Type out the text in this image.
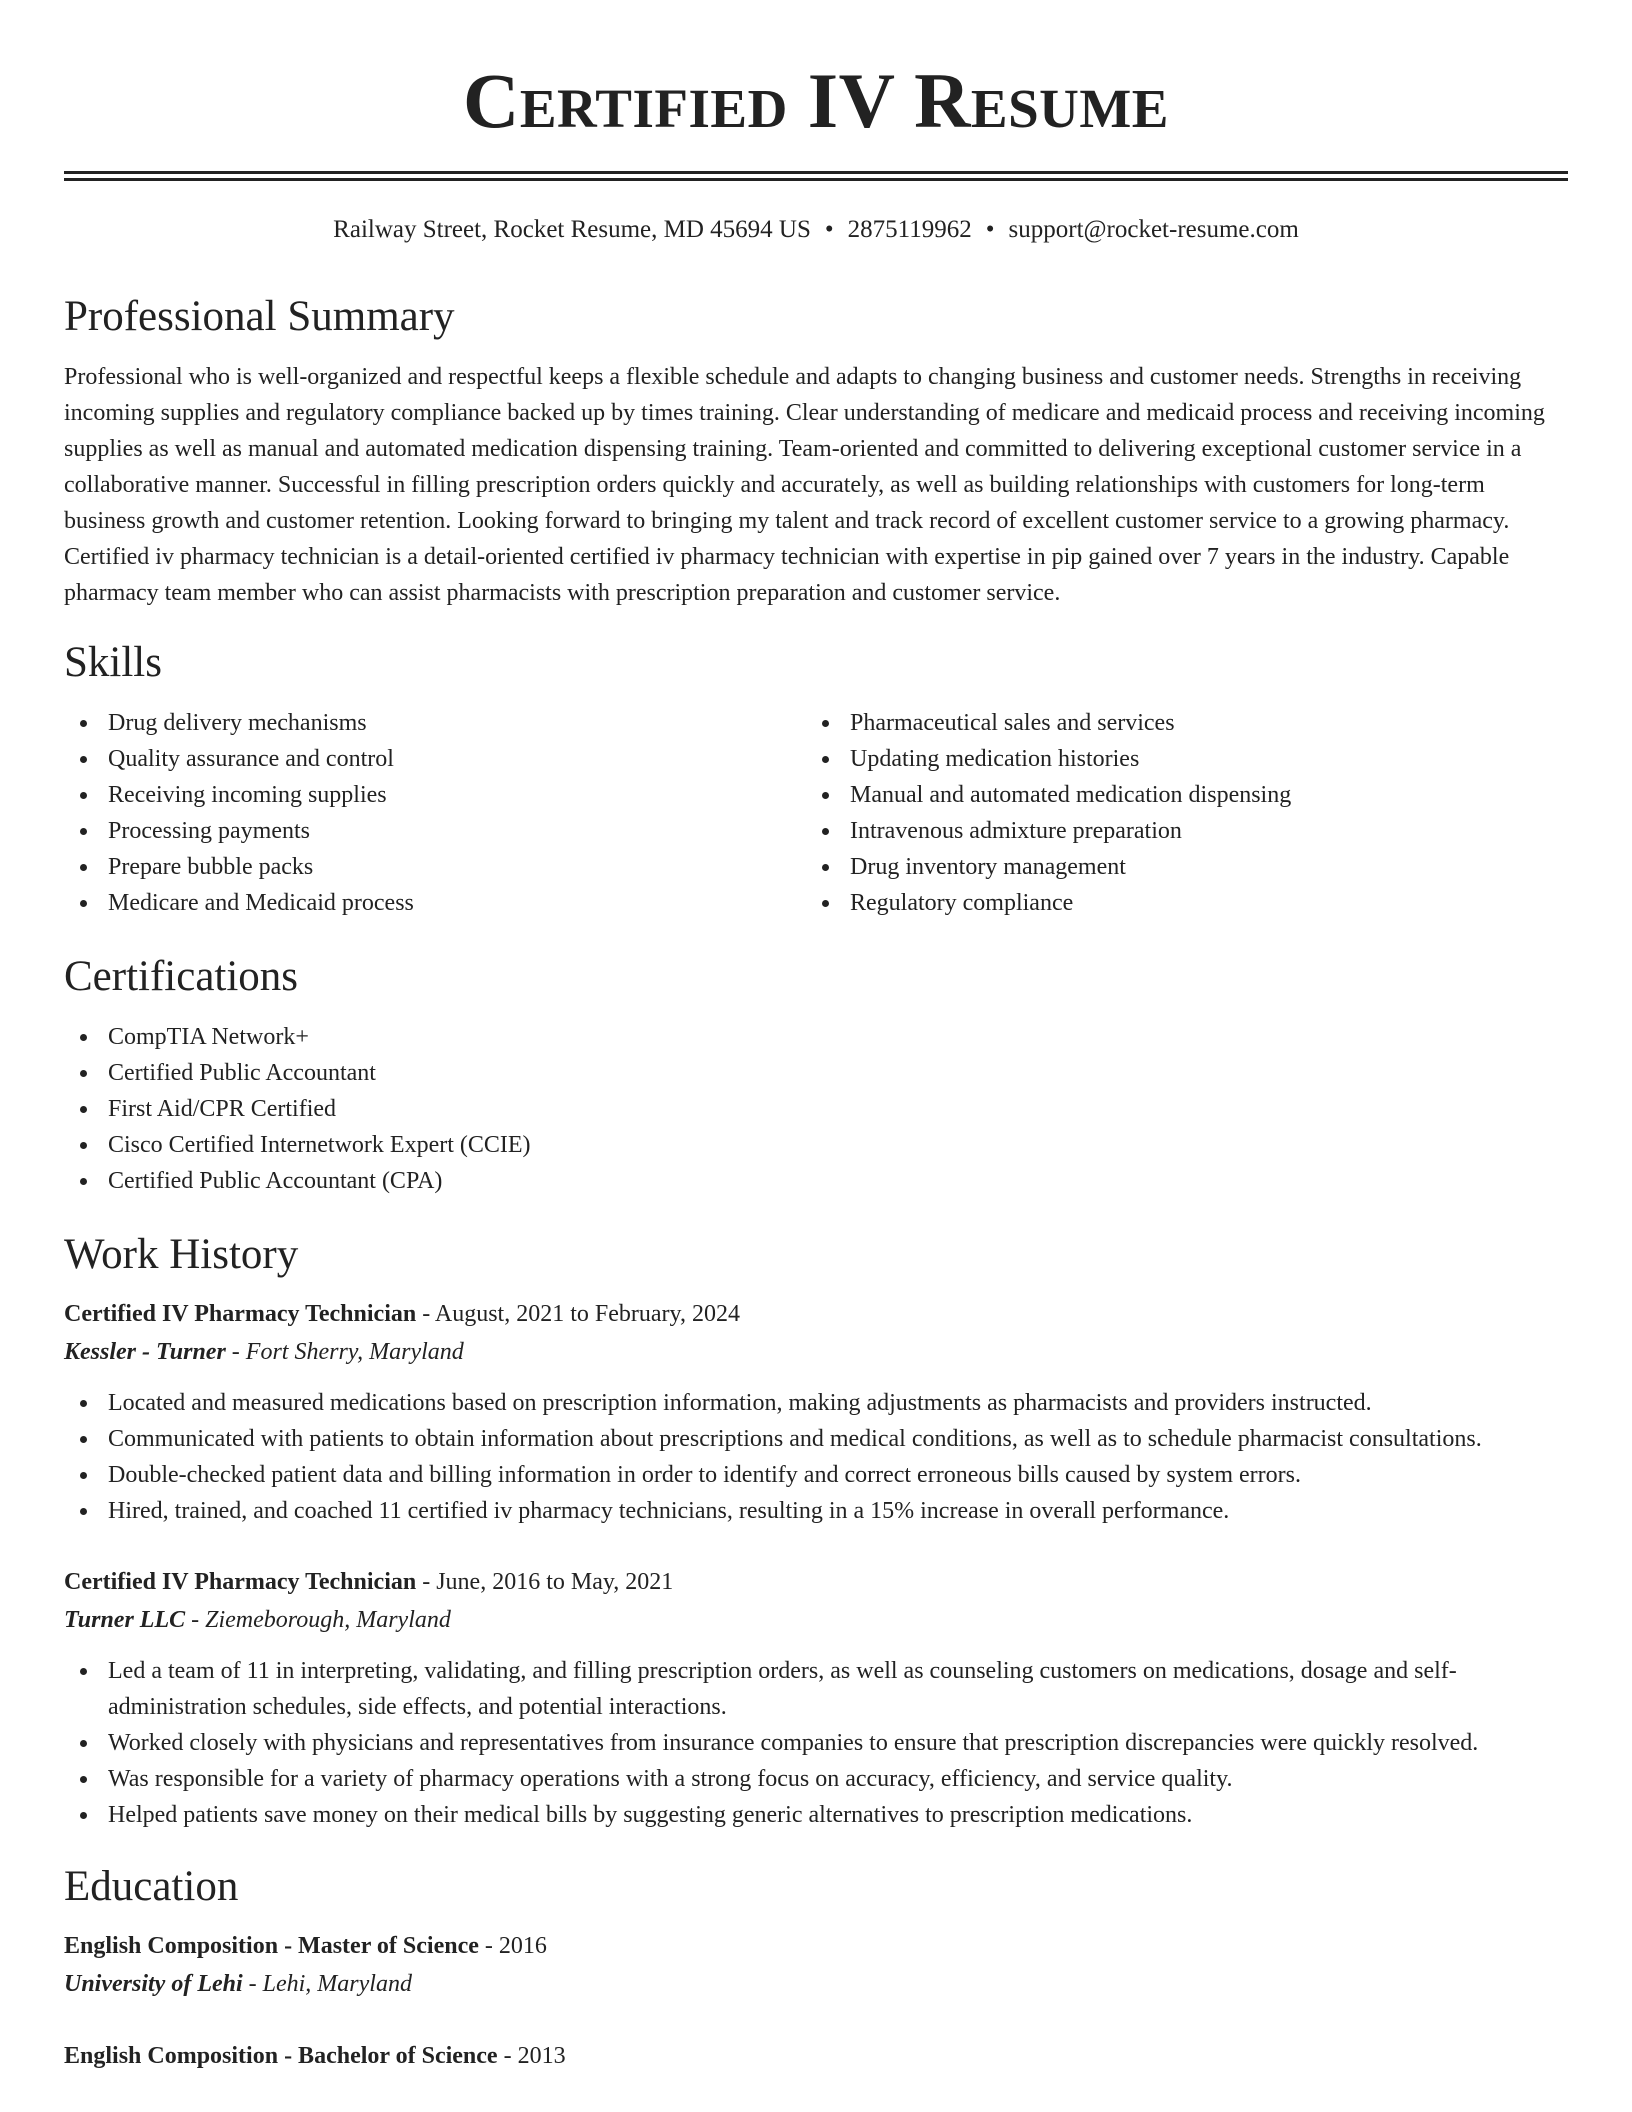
Certified IV Resume
Railway Street, Rocket Resume, MD 45694 US • 2875119962 • support@rocket-resume.com
Professional Summary

Professional who is well-organized and respectful keeps a flexible schedule and adapts to changing business and customer needs. Strengths in receiving incoming supplies and regulatory compliance backed up by times training. Clear understanding of medicare and medicaid process and receiving incoming supplies as well as manual and automated medication dispensing training. Team-oriented and committed to delivering exceptional customer service in a collaborative manner. Successful in filling prescription orders quickly and accurately, as well as building relationships with customers for long-term business growth and customer retention. Looking forward to bringing my talent and track record of excellent customer service to a growing pharmacy. Certified iv pharmacy technician is a detail-oriented certified iv pharmacy technician with expertise in pip gained over 7 years in the industry. Capable pharmacy team member who can assist pharmacists with prescription preparation and customer service.

Skills
Drug delivery mechanisms
Quality assurance and control
Receiving incoming supplies
Processing payments
Prepare bubble packs
Medicare and Medicaid process
Pharmaceutical sales and services
Updating medication histories
Manual and automated medication dispensing
Intravenous admixture preparation
Drug inventory management
Regulatory compliance
Certifications
CompTIA Network+
Certified Public Accountant
First Aid/CPR Certified
Cisco Certified Internetwork Expert (CCIE)
Certified Public Accountant (CPA)
Work History
Certified IV Pharmacy Technician - August, 2021 to February, 2024
Kessler - Turner - Fort Sherry, Maryland
Located and measured medications based on prescription information, making adjustments as pharmacists and providers instructed.
Communicated with patients to obtain information about prescriptions and medical conditions, as well as to schedule pharmacist consultations.
Double-checked patient data and billing information in order to identify and correct erroneous bills caused by system errors.
Hired, trained, and coached 11 certified iv pharmacy technicians, resulting in a 15% increase in overall performance.
Certified IV Pharmacy Technician - June, 2016 to May, 2021
Turner LLC - Ziemeborough, Maryland
Led a team of 11 in interpreting, validating, and filling prescription orders, as well as counseling customers on medications, dosage and self-administration schedules, side effects, and potential interactions.
Worked closely with physicians and representatives from insurance companies to ensure that prescription discrepancies were quickly resolved.
Was responsible for a variety of pharmacy operations with a strong focus on accuracy, efficiency, and service quality.
Helped patients save money on their medical bills by suggesting generic alternatives to prescription medications.
Education
English Composition - Master of Science - 2016
University of Lehi - Lehi, Maryland
English Composition - Bachelor of Science - 2013
